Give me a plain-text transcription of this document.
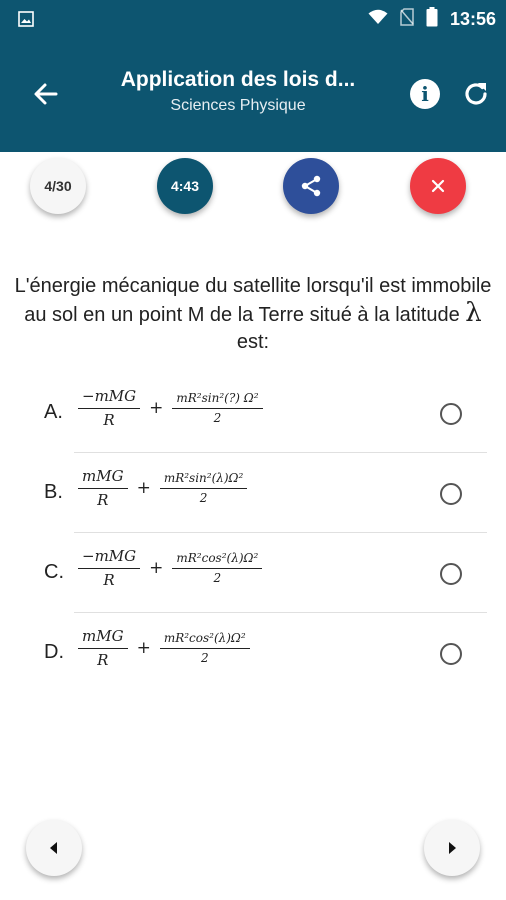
13:56
Application des lois d...
Sciences Physique	i
4/30	4:43
L'énergie mécanique du satellite lorsqu'il est immobile au sol en un point M de la Terre situé à la latitude λ est:
A. $\frac{\text{−mMG}}{R} + \frac{\text{mR²sin²(?) Ω²}}{2}$
B. $\frac{\text{mMG}}{R} + \frac{\text{mR²sin²(λ)Ω²}}{2}$
C. $\frac{\text{−mMG}}{R} + \frac{\text{mR²cos²(λ)Ω²}}{2}$
D. $\frac{\text{mMG}}{R} + \frac{\text{mR²cos²(λ)Ω²}}{2}$
